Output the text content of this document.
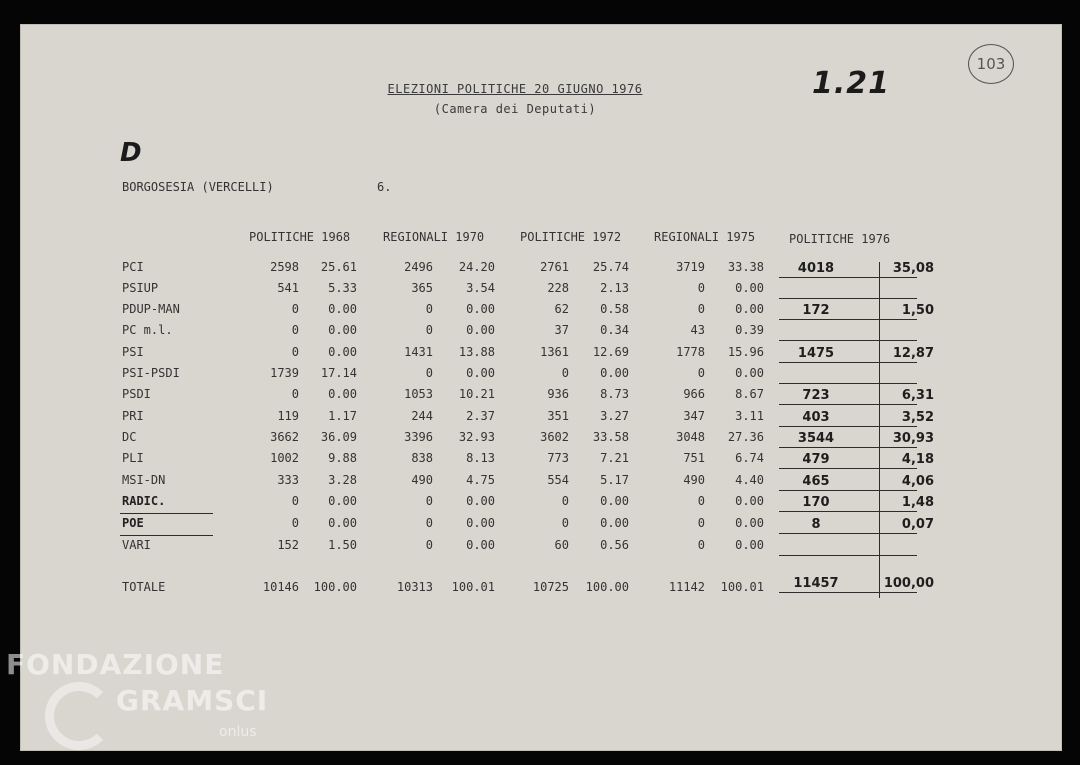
ELEZIONI POLITICHE 20 GIUGNO 1976
(Camera dei Deputati)
1.21
103
D
BORGOSESIA (VERCELLI)	6.
POLITICHE 1968	REGIONALI 1970	POLITICHE 1972	REGIONALI 1975	POLITICHE 1976
PCI	2598	25.61	2496	24.20	2761	25.74	3719	33.38	4018	35,08
PSIUP	541	5.33	365	3.54	228	2.13	0	0.00
PDUP-MAN	0	0.00	0	0.00	62	0.58	0	0.00	172	1,50
PC m.l.	0	0.00	0	0.00	37	0.34	43	0.39
PSI	0	0.00	1431	13.88	1361	12.69	1778	15.96	1475	12,87
PSI-PSDI	1739	17.14	0	0.00	0	0.00	0	0.00
PSDI	0	0.00	1053	10.21	936	8.73	966	8.67	723	6,31
PRI	119	1.17	244	2.37	351	3.27	347	3.11	403	3,52
DC	3662	36.09	3396	32.93	3602	33.58	3048	27.36	3544	30,93
PLI	1002	9.88	838	8.13	773	7.21	751	6.74	479	4,18
MSI-DN	333	3.28	490	4.75	554	5.17	490	4.40	465	4,06
RADIC.	0	0.00	0	0.00	0	0.00	0	0.00	170	1,48
POE	0	0.00	0	0.00	0	0.00	0	0.00	8	0,07
VARI	152	1.50	0	0.00	60	0.56	0	0.00
TOTALE	10146	100.00	10313	100.01	10725	100.00	11142	100.01	11457	100,00
FONDAZIONE
GRAMSCI
onlus
